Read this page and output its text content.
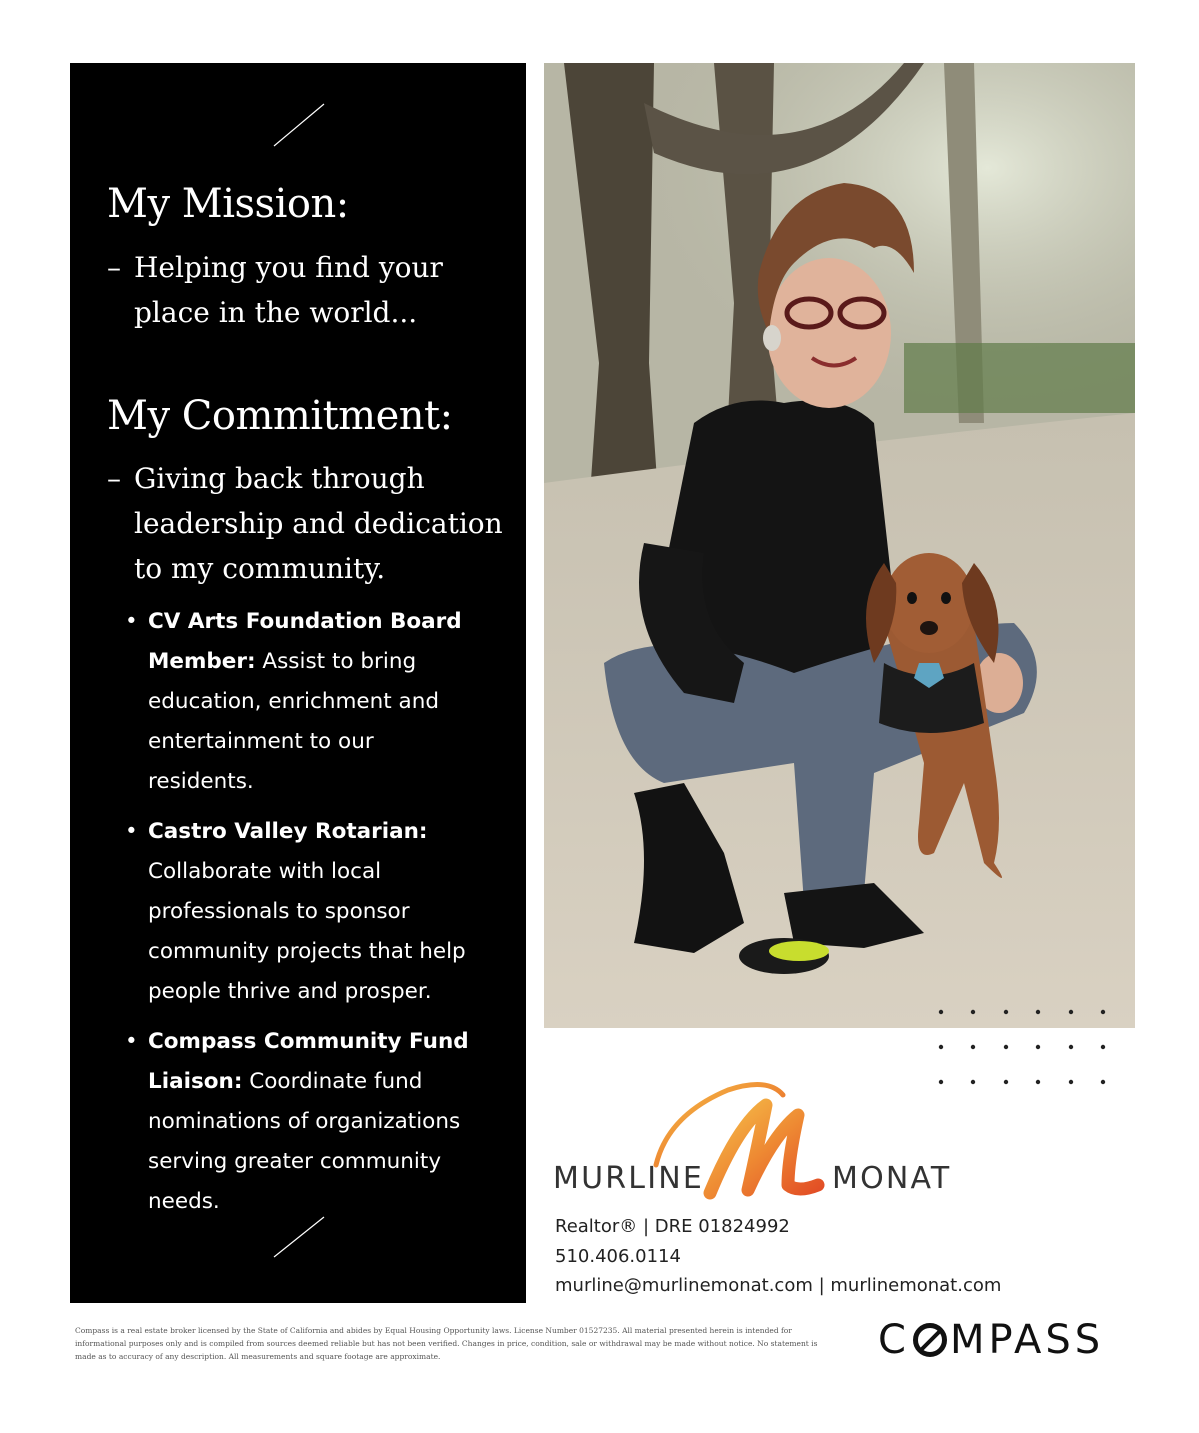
My Mission:
– Helping you find your place in the world...
My Commitment:
– Giving back through leadership and dedication to my community.
• CV Arts Foundation Board Member: Assist to bring education, enrichment and entertainment to our residents.
• Castro Valley Rotarian: Collaborate with local professionals to sponsor community projects that help people thrive and prosper.
• Compass Community Fund Liaison: Coordinate fund nominations of organizations serving greater community needs.
MURLINE	MONAT
Realtor® | DRE 01824992
510.406.0114
murline@murlinemonat.com | murlinemonat.com
Compass is a real estate broker licensed by the State of California and abides by Equal Housing Opportunity laws. License Number 01527235. All material presented herein is intended for informational purposes only and is compiled from sources deemed reliable but has not been verified. Changes in price, condition, sale or withdrawal may be made without notice. No statement is made as to accuracy of any description. All measurements and square footage are approximate.	C MPASS
